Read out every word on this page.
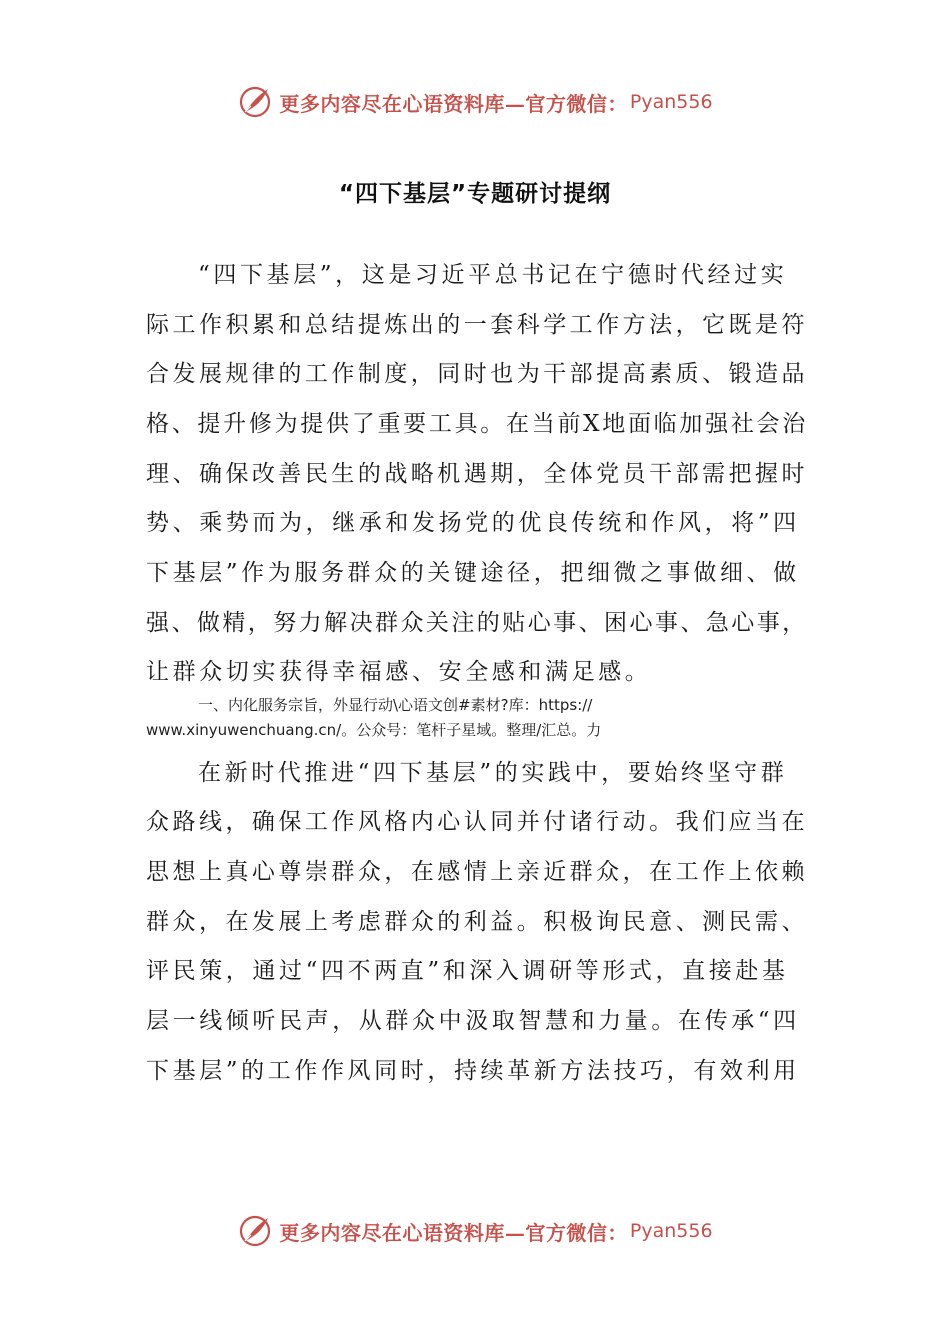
更多内容尽在心语资料库—官方微信： Pyan556
“四下基层”专题研讨提纲
“四下基层”，这是习近平总书记在宁德时代经过实
际工作积累和总结提炼出的一套科学工作方法，它既是符
合发展规律的工作制度，同时也为干部提高素质、锻造品
格、提升修为提供了重要工具。在当前X地面临加强社会治
理、确保改善民生的战略机遇期，全体党员干部需把握时
势、乘势而为，继承和发扬党的优良传统和作风，将”四
下基层”作为服务群众的关键途径，把细微之事做细、做
强、做精，努力解决群众关注的贴心事、困心事、急心事，
让群众切实获得幸福感、安全感和满足感。
一、内化服务宗旨，外显行动\心语文创#素材?库：https://
www.xinyuwenchuang.cn/。公众号：笔杆子星域。整理/汇总。力
在新时代推进“四下基层”的实践中，要始终坚守群
众路线，确保工作风格内心认同并付诸行动。我们应当在
思想上真心尊崇群众，在感情上亲近群众，在工作上依赖
群众，在发展上考虑群众的利益。积极询民意、测民需、
评民策，通过“四不两直”和深入调研等形式，直接赴基
层一线倾听民声，从群众中汲取智慧和力量。在传承“四
下基层”的工作作风同时，持续革新方法技巧，有效利用
更多内容尽在心语资料库—官方微信： Pyan556
